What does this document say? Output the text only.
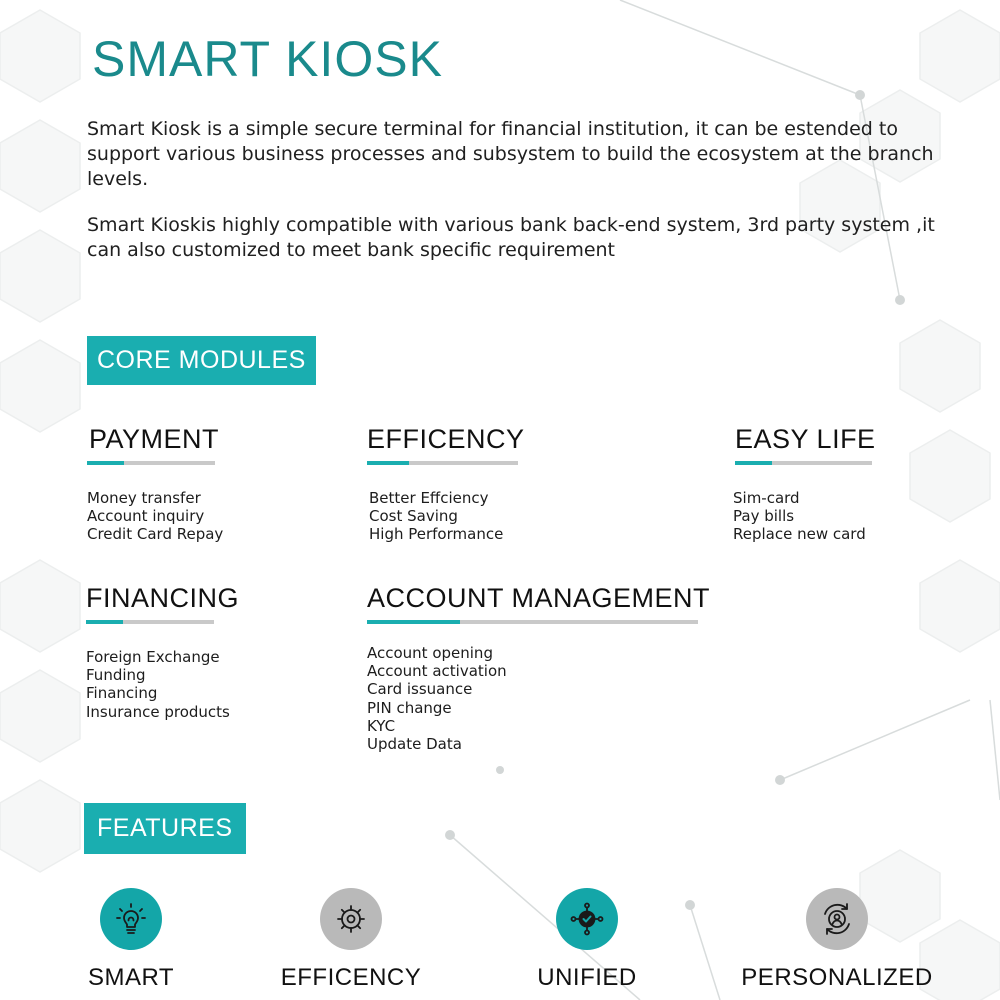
SMART KIOSK

Smart Kiosk is a simple secure terminal for financial institution, it can be estended to support various business processes and subsystem to build the ecosystem at the branch levels.

Smart Kioskis highly compatible with various bank back-end system, 3rd party system ,it can also customized to meet bank specific requirement

CORE MODULES
PAYMENT
Money transfer
Account inquiry
Credit Card Repay
EFFICENCY
Better Effciency
Cost Saving
High Performance
EASY LIFE
Sim-card
Pay bills
Replace new card
FINANCING
Foreign Exchange
Funding
Financing
Insurance products
ACCOUNT MANAGEMENT
Account opening
Account activation
Card issuance
PIN change
KYC
Update Data
FEATURES
SMART	EFFICENCY	UNIFIED	PERSONALIZED
